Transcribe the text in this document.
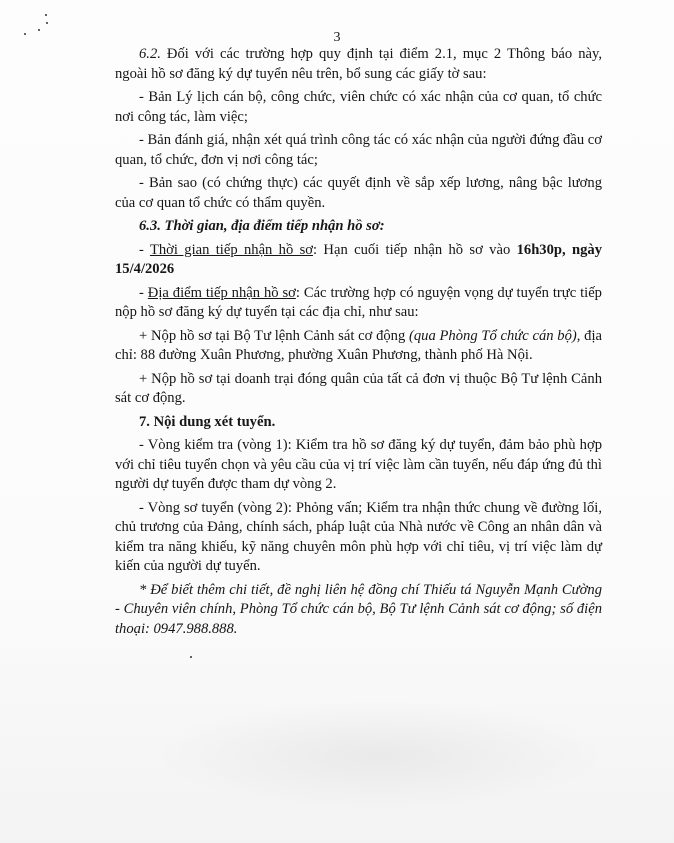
3

6.2. Đối với các trường hợp quy định tại điểm 2.1, mục 2 Thông báo này, ngoài hồ sơ đăng ký dự tuyển nêu trên, bổ sung các giấy tờ sau:

- Bản Lý lịch cán bộ, công chức, viên chức có xác nhận của cơ quan, tổ chức nơi công tác, làm việc;

- Bản đánh giá, nhận xét quá trình công tác có xác nhận của người đứng đầu cơ quan, tổ chức, đơn vị nơi công tác;

- Bản sao (có chứng thực) các quyết định về sắp xếp lương, nâng bậc lương của cơ quan tổ chức có thẩm quyền.

6.3. Thời gian, địa điểm tiếp nhận hồ sơ:

- Thời gian tiếp nhận hồ sơ: Hạn cuối tiếp nhận hồ sơ vào 16h30p, ngày 15/4/2026

- Địa điểm tiếp nhận hồ sơ: Các trường hợp có nguyện vọng dự tuyển trực tiếp nộp hồ sơ đăng ký dự tuyển tại các địa chỉ, như sau:

+ Nộp hồ sơ tại Bộ Tư lệnh Cảnh sát cơ động (qua Phòng Tổ chức cán bộ), địa chỉ: 88 đường Xuân Phương, phường Xuân Phương, thành phố Hà Nội.

+ Nộp hồ sơ tại doanh trại đóng quân của tất cả đơn vị thuộc Bộ Tư lệnh Cảnh sát cơ động.

7. Nội dung xét tuyển.

- Vòng kiểm tra (vòng 1): Kiểm tra hồ sơ đăng ký dự tuyển, đảm bảo phù hợp với chỉ tiêu tuyển chọn và yêu cầu của vị trí việc làm cần tuyển, nếu đáp ứng đủ thì người dự tuyển được tham dự vòng 2.

- Vòng sơ tuyển (vòng 2): Phỏng vấn; Kiểm tra nhận thức chung về đường lối, chủ trương của Đảng, chính sách, pháp luật của Nhà nước về Công an nhân dân và kiểm tra năng khiếu, kỹ năng chuyên môn phù hợp với chỉ tiêu, vị trí việc làm dự kiến của người dự tuyển.

* Để biết thêm chi tiết, đề nghị liên hệ đồng chí Thiếu tá Nguyễn Mạnh Cường - Chuyên viên chính, Phòng Tổ chức cán bộ, Bộ Tư lệnh Cảnh sát cơ động; số điện thoại: 0947.988.888.
